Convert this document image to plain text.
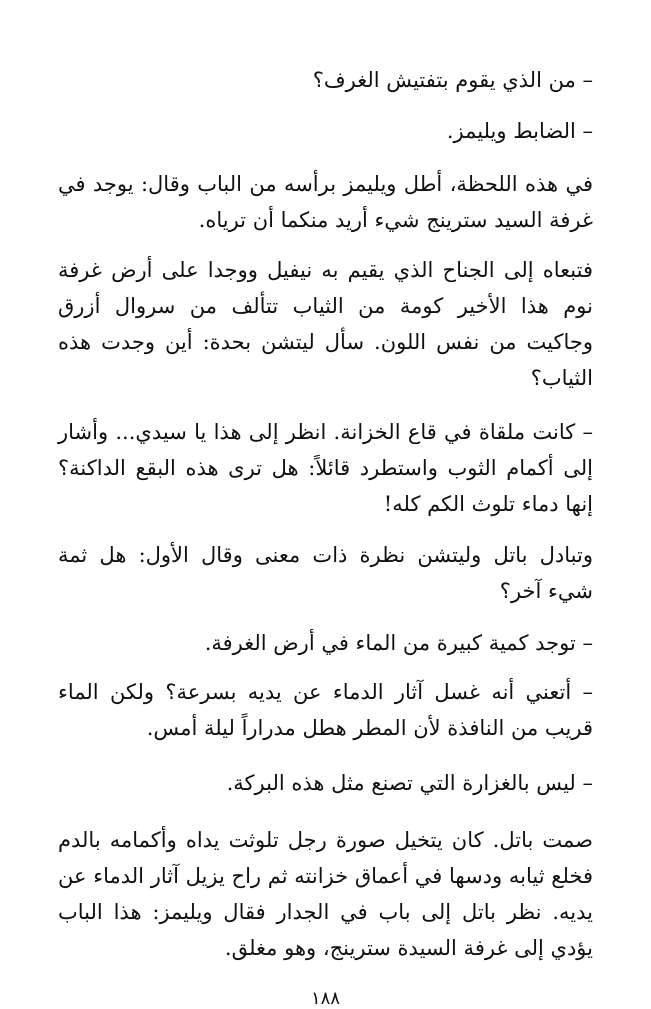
– من الذي يقوم بتفتيش الغرف؟

– الضابط ويليمز.

في هذه اللحظة، أطل ويليمز برأسه من الباب وقال: يوجد في غرفة السيد سترينج شيء أريد منكما أن ترياه.

فتبعاه إلى الجناح الذي يقيم به نيفيل ووجدا على أرض غرفة نوم هذا الأخير كومة من الثياب تتألف من سروال أزرق وجاكيت من نفس اللون. سأل ليتشن بحدة: أين وجدت هذه الثياب؟

– كانت ملقاة في قاع الخزانة. انظر إلى هذا يا سيدي... وأشار إلى أكمام الثوب واستطرد قائلاً: هل ترى هذه البقع الداكنة؟ إنها دماء تلوث الكم كله!

وتبادل باتل وليتشن نظرة ذات معنى وقال الأول: هل ثمة شيء آخر؟

– توجد كمية كبيرة من الماء في أرض الغرفة.

– أتعني أنه غسل آثار الدماء عن يديه بسرعة؟ ولكن الماء قريب من النافذة لأن المطر هطل مدراراً ليلة أمس.

– ليس بالغزارة التي تصنع مثل هذه البركة.

صمت باتل. كان يتخيل صورة رجل تلوثت يداه وأكمامه بالدم فخلع ثيابه ودسها في أعماق خزانته ثم راح يزيل آثار الدماء عن يديه. نظر باتل إلى باب في الجدار فقال ويليمز: هذا الباب يؤدي إلى غرفة السيدة سترينج، وهو مغلق.

١٨٨
